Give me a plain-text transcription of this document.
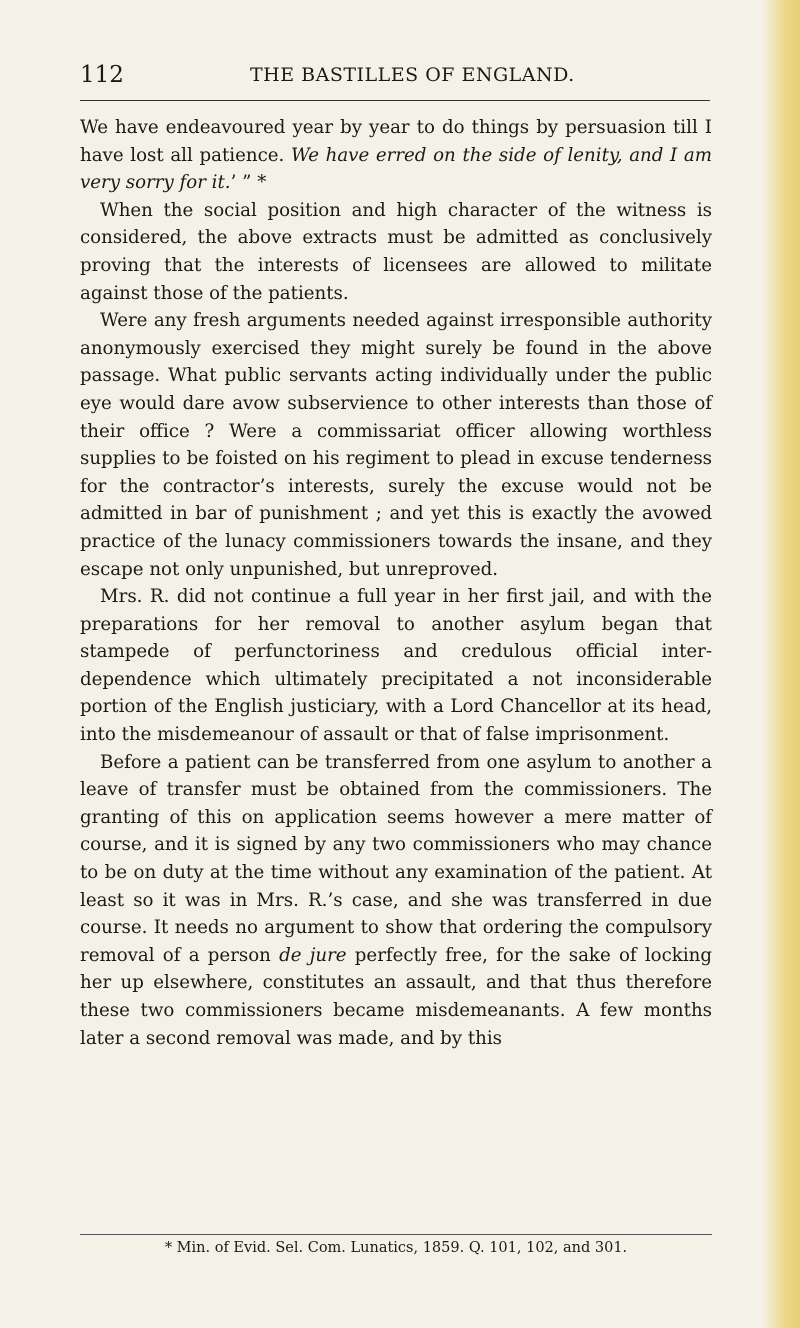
112	THE BASTILLES OF ENGLAND.

We have endeavoured year by year to do things by persuasion till I have lost all patience. We have erred on the side of lenity, and I am very sorry for it.’ ” *

When the social position and high character of the witness is considered, the above extracts must be admitted as conclusively proving that the interests of licensees are allowed to militate against those of the patients.

Were any fresh arguments needed against irresponsible authority anonymously exercised they might surely be found in the above passage. What public servants acting individually under the public eye would dare avow subservience to other interests than those of their office ? Were a commissariat officer allowing worthless supplies to be foisted on his regiment to plead in excuse tenderness for the contractor’s interests, surely the excuse would not be admitted in bar of punishment ; and yet this is exactly the avowed practice of the lunacy commissioners towards the insane, and they escape not only unpunished, but unreproved.

Mrs. R. did not continue a full year in her first jail, and with the preparations for her removal to another asylum began that stampede of perfunctoriness and credulous official inter-dependence which ultimately precipitated a not inconsiderable portion of the English justiciary, with a Lord Chancellor at its head, into the misdemeanour of assault or that of false imprisonment.

Before a patient can be transferred from one asylum to another a leave of transfer must be obtained from the commissioners. The granting of this on application seems however a mere matter of course, and it is signed by any two commissioners who may chance to be on duty at the time without any examination of the patient. At least so it was in Mrs. R.’s case, and she was transferred in due course. It needs no argument to show that ordering the compulsory removal of a person de jure perfectly free, for the sake of locking her up elsewhere, constitutes an assault, and that thus therefore these two commissioners became misdemeanants. A few months later a second removal was made, and by this

* Min. of Evid. Sel. Com. Lunatics, 1859. Q. 101, 102, and 301.
